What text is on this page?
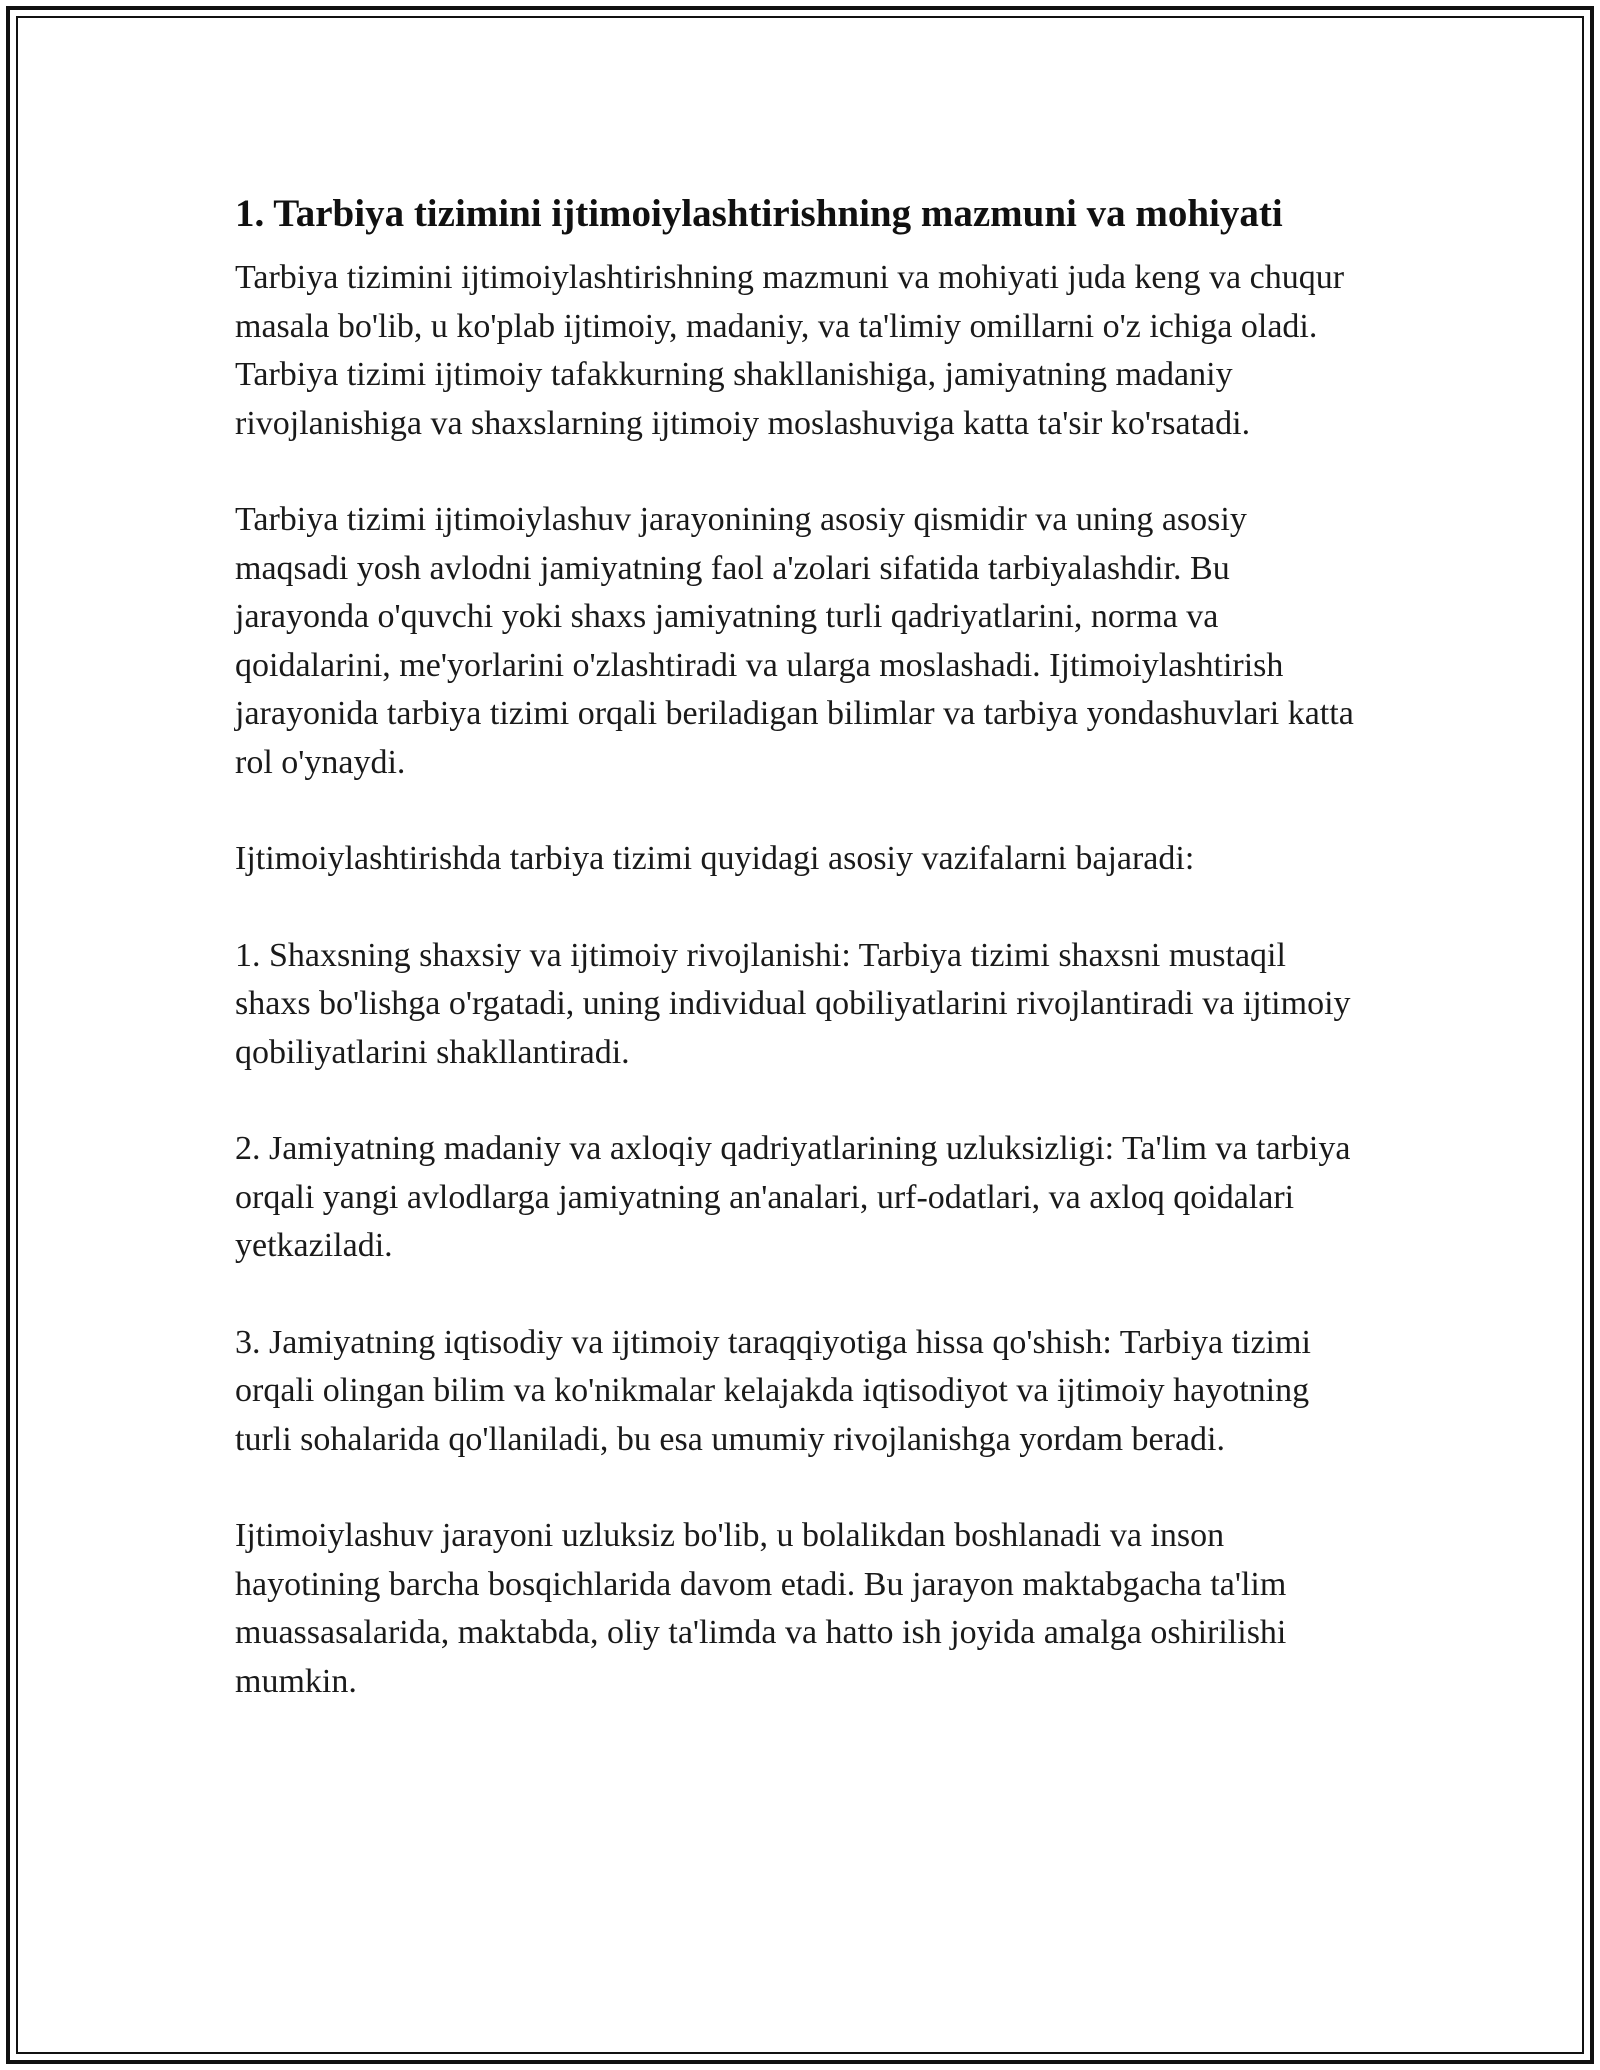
1. Tarbiya tizimini ijtimoiylashtirishning mazmuni va mohiyati

Tarbiya tizimini ijtimoiylashtirishning mazmuni va mohiyati juda keng va chuqur masala bo'lib, u ko'plab ijtimoiy, madaniy, va ta'limiy omillarni o'z ichiga oladi. Tarbiya tizimi ijtimoiy tafakkurning shakllanishiga, jamiyatning madaniy rivojlanishiga va shaxslarning ijtimoiy moslashuviga katta ta'sir ko'rsatadi.

Tarbiya tizimi ijtimoiylashuv jarayonining asosiy qismidir va uning asosiy maqsadi yosh avlodni jamiyatning faol a'zolari sifatida tarbiyalashdir. Bu jarayonda o'quvchi yoki shaxs jamiyatning turli qadriyatlarini, norma va qoidalarini, me'yorlarini o'zlashtiradi va ularga moslashadi. Ijtimoiylashtirish jarayonida tarbiya tizimi orqali beriladigan bilimlar va tarbiya yondashuvlari katta rol o'ynaydi.

Ijtimoiylashtirishda tarbiya tizimi quyidagi asosiy vazifalarni bajaradi:

1. Shaxsning shaxsiy va ijtimoiy rivojlanishi: Tarbiya tizimi shaxsni mustaqil shaxs bo'lishga o'rgatadi, uning individual qobiliyatlarini rivojlantiradi va ijtimoiy qobiliyatlarini shakllantiradi.

2. Jamiyatning madaniy va axloqiy qadriyatlarining uzluksizligi: Ta'lim va tarbiya orqali yangi avlodlarga jamiyatning an'analari, urf-odatlari, va axloq qoidalari yetkaziladi.

3. Jamiyatning iqtisodiy va ijtimoiy taraqqiyotiga hissa qo'shish: Tarbiya tizimi orqali olingan bilim va ko'nikmalar kelajakda iqtisodiyot va ijtimoiy hayotning turli sohalarida qo'llaniladi, bu esa umumiy rivojlanishga yordam beradi.

Ijtimoiylashuv jarayoni uzluksiz bo'lib, u bolalikdan boshlanadi va inson hayotining barcha bosqichlarida davom etadi. Bu jarayon maktabgacha ta'lim muassasalarida, maktabda, oliy ta'limda va hatto ish joyida amalga oshirilishi mumkin.
